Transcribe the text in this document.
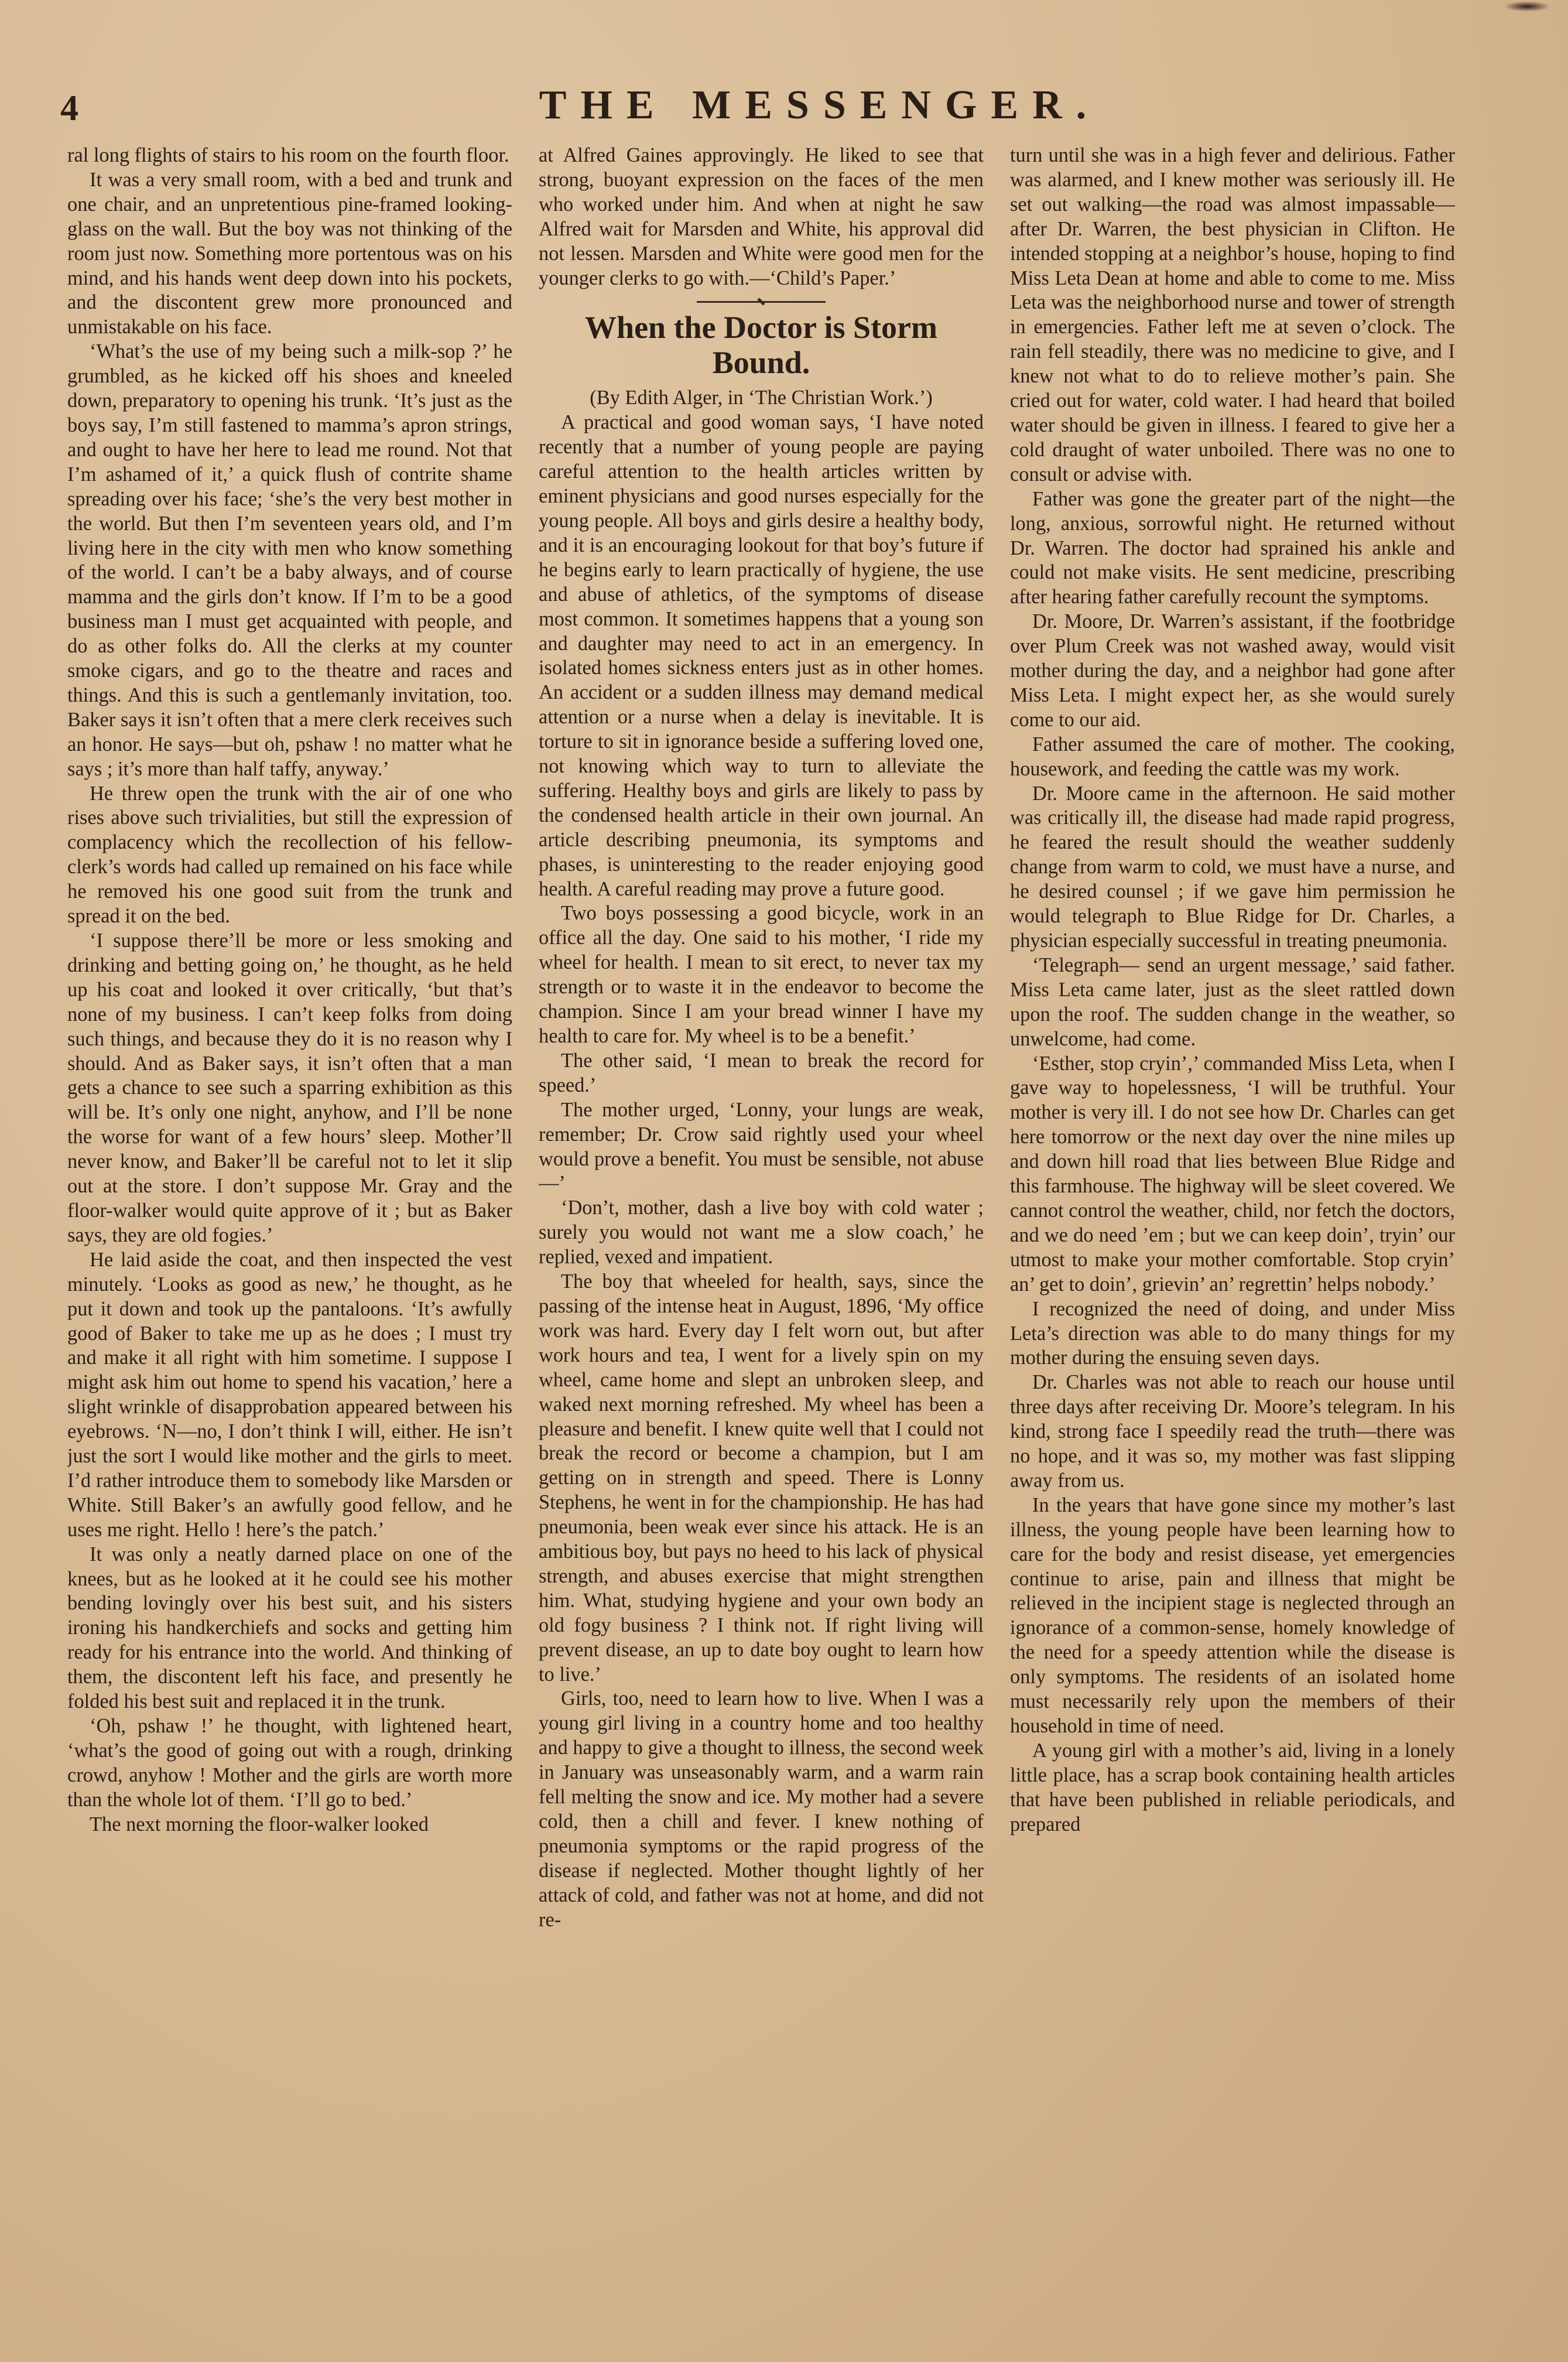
4	THE MESSENGER.

ral long flights of stairs to his room on the fourth floor.

It was a very small room, with a bed and trunk and one chair, and an unpretentious pine-framed looking-glass on the wall. But the boy was not thinking of the room just now. Something more portentous was on his mind, and his hands went deep down into his pockets, and the discontent grew more pronounced and unmistakable on his face.

‘What’s the use of my being such a milk-sop ?’ he grumbled, as he kicked off his shoes and kneeled down, preparatory to opening his trunk. ‘It’s just as the boys say, I’m still fastened to mamma’s apron strings, and ought to have her here to lead me round. Not that I’m ashamed of it,’ a quick flush of contrite shame spreading over his face; ‘she’s the very best mother in the world. But then I’m seventeen years old, and I’m living here in the city with men who know something of the world. I can’t be a baby always, and of course mamma and the girls don’t know. If I’m to be a good business man I must get acquainted with people, and do as other folks do. All the clerks at my counter smoke cigars, and go to the theatre and races and things. And this is such a gentlemanly invitation, too. Baker says it isn’t often that a mere clerk receives such an honor. He says—but oh, pshaw ! no matter what he says ; it’s more than half taffy, anyway.’

He threw open the trunk with the air of one who rises above such trivialities, but still the expression of complacency which the recollection of his fellow-clerk’s words had called up remained on his face while he removed his one good suit from the trunk and spread it on the bed.

‘I suppose there’ll be more or less smoking and drinking and betting going on,’ he thought, as he held up his coat and looked it over critically, ‘but that’s none of my business. I can’t keep folks from doing such things, and because they do it is no reason why I should. And as Baker says, it isn’t often that a man gets a chance to see such a sparring exhibition as this will be. It’s only one night, anyhow, and I’ll be none the worse for want of a few hours’ sleep. Mother’ll never know, and Baker’ll be careful not to let it slip out at the store. I don’t suppose Mr. Gray and the floor-walker would quite approve of it ; but as Baker says, they are old fogies.’

He laid aside the coat, and then inspected the vest minutely. ‘Looks as good as new,’ he thought, as he put it down and took up the pantaloons. ‘It’s awfully good of Baker to take me up as he does ; I must try and make it all right with him sometime. I suppose I might ask him out home to spend his vacation,’ here a slight wrinkle of disapprobation appeared between his eyebrows. ‘N—no, I don’t think I will, either. He isn’t just the sort I would like mother and the girls to meet. I’d rather introduce them to somebody like Marsden or White. Still Baker’s an awfully good fellow, and he uses me right. Hello ! here’s the patch.’

It was only a neatly darned place on one of the knees, but as he looked at it he could see his mother bending lovingly over his best suit, and his sisters ironing his handkerchiefs and socks and getting him ready for his entrance into the world. And thinking of them, the discontent left his face, and presently he folded his best suit and replaced it in the trunk.

‘Oh, pshaw !’ he thought, with lightened heart, ‘what’s the good of going out with a rough, drinking crowd, anyhow ! Mother and the girls are worth more than the whole lot of them. ‘I’ll go to bed.’

The next morning the floor-walker looked

at Alfred Gaines approvingly. He liked to see that strong, buoyant expression on the faces of the men who worked under him. And when at night he saw Alfred wait for Marsden and White, his approval did not lessen. Marsden and White were good men for the younger clerks to go with.—‘Child’s Paper.’

When the Doctor is Storm Bound.

(By Edith Alger, in ‘The Christian Work.’)

A practical and good woman says, ‘I have noted recently that a number of young people are paying careful attention to the health articles written by eminent physicians and good nurses especially for the young people. All boys and girls desire a healthy body, and it is an encouraging lookout for that boy’s future if he begins early to learn practically of hygiene, the use and abuse of athletics, of the symptoms of disease most common. It sometimes happens that a young son and daughter may need to act in an emergency. In isolated homes sickness enters just as in other homes. An accident or a sudden illness may demand medical attention or a nurse when a delay is inevitable. It is torture to sit in ignorance beside a suffering loved one, not knowing which way to turn to alleviate the suffering. Healthy boys and girls are likely to pass by the condensed health article in their own journal. An article describing pneumonia, its symptoms and phases, is uninteresting to the reader enjoying good health. A careful reading may prove a future good.

Two boys possessing a good bicycle, work in an office all the day. One said to his mother, ‘I ride my wheel for health. I mean to sit erect, to never tax my strength or to waste it in the endeavor to become the champion. Since I am your bread winner I have my health to care for. My wheel is to be a benefit.’

The other said, ‘I mean to break the record for speed.’

The mother urged, ‘Lonny, your lungs are weak, remember; Dr. Crow said rightly used your wheel would prove a benefit. You must be sensible, not abuse—’

‘Don’t, mother, dash a live boy with cold water ; surely you would not want me a slow coach,’ he replied, vexed and impatient.

The boy that wheeled for health, says, since the passing of the intense heat in August, 1896, ‘My office work was hard. Every day I felt worn out, but after work hours and tea, I went for a lively spin on my wheel, came home and slept an unbroken sleep, and waked next morning refreshed. My wheel has been a pleasure and benefit. I knew quite well that I could not break the record or become a champion, but I am getting on in strength and speed. There is Lonny Stephens, he went in for the championship. He has had pneumonia, been weak ever since his attack. He is an ambitious boy, but pays no heed to his lack of physical strength, and abuses exercise that might strengthen him. What, studying hygiene and your own body an old fogy business ? I think not. If right living will prevent disease, an up to date boy ought to learn how to live.’

Girls, too, need to learn how to live. When I was a young girl living in a country home and too healthy and happy to give a thought to illness, the second week in January was unseasonably warm, and a warm rain fell melting the snow and ice. My mother had a severe cold, then a chill and fever. I knew nothing of pneumonia symptoms or the rapid progress of the disease if neglected. Mother thought lightly of her attack of cold, and father was not at home, and did not re-

turn until she was in a high fever and delirious. Father was alarmed, and I knew mother was seriously ill. He set out walking—the road was almost impassable—after Dr. Warren, the best physician in Clifton. He intended stopping at a neighbor’s house, hoping to find Miss Leta Dean at home and able to come to me. Miss Leta was the neighborhood nurse and tower of strength in emergencies. Father left me at seven o’clock. The rain fell steadily, there was no medicine to give, and I knew not what to do to relieve mother’s pain. She cried out for water, cold water. I had heard that boiled water should be given in illness. I feared to give her a cold draught of water unboiled. There was no one to consult or advise with.

Father was gone the greater part of the night—the long, anxious, sorrowful night. He returned without Dr. Warren. The doctor had sprained his ankle and could not make visits. He sent medicine, prescribing after hearing father carefully recount the symptoms.

Dr. Moore, Dr. Warren’s assistant, if the footbridge over Plum Creek was not washed away, would visit mother during the day, and a neighbor had gone after Miss Leta. I might expect her, as she would surely come to our aid.

Father assumed the care of mother. The cooking, housework, and feeding the cattle was my work.

Dr. Moore came in the afternoon. He said mother was critically ill, the disease had made rapid progress, he feared the result should the weather suddenly change from warm to cold, we must have a nurse, and he desired counsel ; if we gave him permission he would telegraph to Blue Ridge for Dr. Charles, a physician especially successful in treating pneumonia.

‘Telegraph— send an urgent message,’ said father. Miss Leta came later, just as the sleet rattled down upon the roof. The sudden change in the weather, so unwelcome, had come.

‘Esther, stop cryin’,’ commanded Miss Leta, when I gave way to hopelessness, ‘I will be truthful. Your mother is very ill. I do not see how Dr. Charles can get here tomorrow or the next day over the nine miles up and down hill road that lies between Blue Ridge and this farmhouse. The highway will be sleet covered. We cannot control the weather, child, nor fetch the doctors, and we do need ’em ; but we can keep doin’, tryin’ our utmost to make your mother comfortable. Stop cryin’ an’ get to doin’, grievin’ an’ regrettin’ helps nobody.’

I recognized the need of doing, and under Miss Leta’s direction was able to do many things for my mother during the ensuing seven days.

Dr. Charles was not able to reach our house until three days after receiving Dr. Moore’s telegram. In his kind, strong face I speedily read the truth—there was no hope, and it was so, my mother was fast slipping away from us.

In the years that have gone since my mother’s last illness, the young people have been learning how to care for the body and resist disease, yet emergencies continue to arise, pain and illness that might be relieved in the incipient stage is neglected through an ignorance of a common-sense, homely knowledge of the need for a speedy attention while the disease is only symptoms. The residents of an isolated home must necessarily rely upon the members of their household in time of need.

A young girl with a mother’s aid, living in a lonely little place, has a scrap book containing health articles that have been published in reliable periodicals, and prepared
